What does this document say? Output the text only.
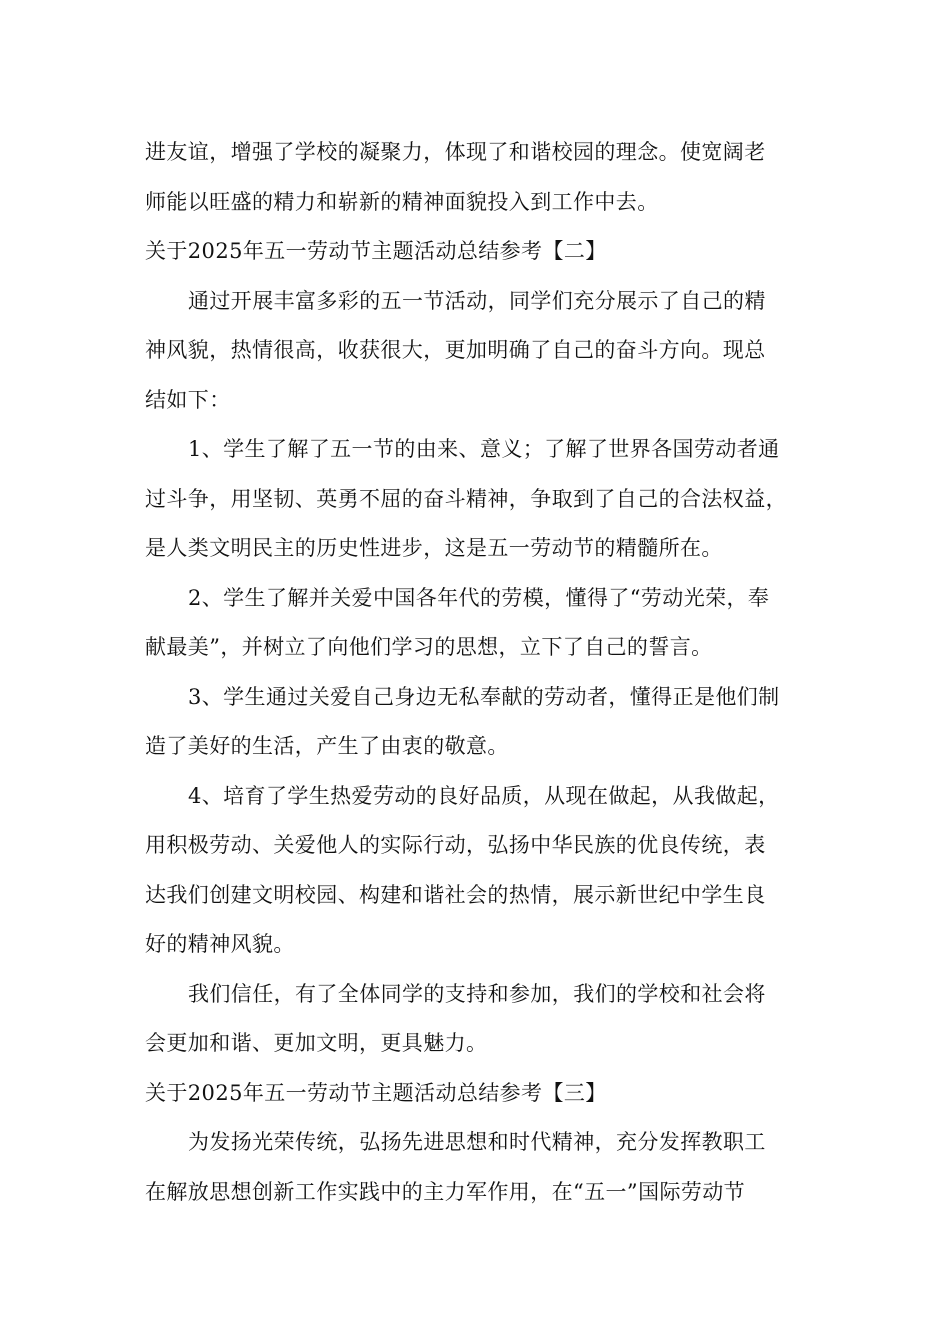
进友谊，增强了学校的凝聚力，体现了和谐校园的理念。使宽阔老
师能以旺盛的精力和崭新的精神面貌投入到工作中去。
关于2025年五一劳动节主题活动总结参考【二】
通过开展丰富多彩的五一节活动，同学们充分展示了自己的精
神风貌，热情很高，收获很大，更加明确了自己的奋斗方向。现总
结如下：
1、学生了解了五一节的由来、意义；了解了世界各国劳动者通
过斗争，用坚韧、英勇不屈的奋斗精神，争取到了自己的合法权益，
是人类文明民主的历史性进步，这是五一劳动节的精髓所在。
2、学生了解并关爱中国各年代的劳模，懂得了“劳动光荣，奉
献最美”，并树立了向他们学习的思想，立下了自己的誓言。
3、学生通过关爱自己身边无私奉献的劳动者，懂得正是他们制
造了美好的生活，产生了由衷的敬意。
4、培育了学生热爱劳动的良好品质，从现在做起，从我做起，
用积极劳动、关爱他人的实际行动，弘扬中华民族的优良传统，表
达我们创建文明校园、构建和谐社会的热情，展示新世纪中学生良
好的精神风貌。
我们信任，有了全体同学的支持和参加，我们的学校和社会将
会更加和谐、更加文明，更具魅力。
关于2025年五一劳动节主题活动总结参考【三】
为发扬光荣传统，弘扬先进思想和时代精神，充分发挥教职工
在解放思想创新工作实践中的主力军作用，在“五一”国际劳动节
